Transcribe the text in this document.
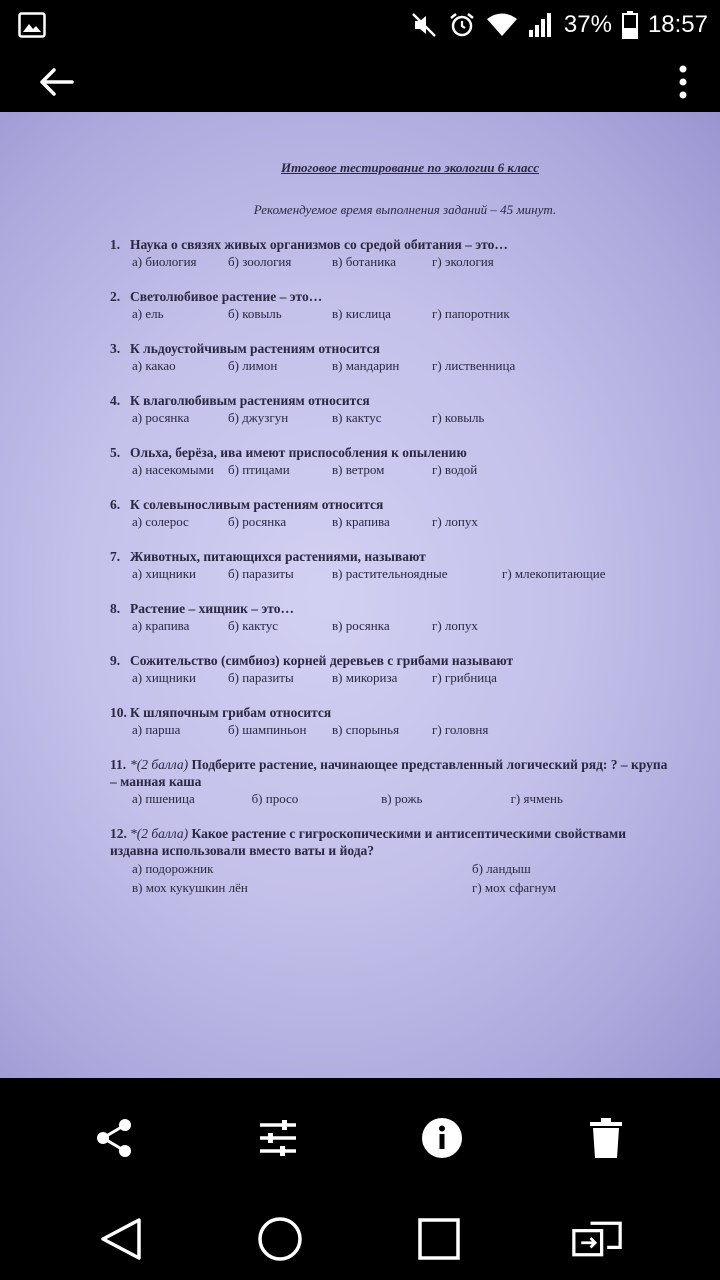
37% 18:57
Итоговое тестирование по экологии 6 класс
Рекомендуемое время выполнения заданий – 45 минут.
1. Наука о связях живых организмов со средой обитания – это…
а) биология	б) зоология	в) ботаника	г) экология
2. Светолюбивое растение – это…
а) ель	б) ковыль	в) кислица	г) папоротник
3. К льдоустойчивым растениям относится
а) какао	б) лимон	в) мандарин	г) лиственница
4. К влаголюбивым растениям относится
а) росянка	б) джузгун	в) кактус	г) ковыль
5. Ольха, берёза, ива имеют приспособления к опылению
а) насекомыми	б) птицами	в) ветром	г) водой
6. К солевыносливым растениям относится
а) солерос	б) росянка	в) крапива	г) лопух
7. Животных, питающихся растениями, называют
а) хищники	б) паразиты	в) растительноядные	г) млекопитающие
8. Растение – хищник – это…
а) крапива	б) кактус	в) росянка	г) лопух
9. Сожительство (симбиоз) корней деревьев с грибами называют
а) хищники	б) паразиты	в) микориза	г) грибница
10. К шляпочным грибам относится
а) парша	б) шампиньон	в) спорынья	г) головня
11. *(2 балла) Подберите растение, начинающее представленный логический ряд: ? – крупа – манная каша
а) пшеница	б) просо	в) рожь	г) ячмень
12. *(2 балла) Какое растение с гигроскопическими и антисептическими свойствами издавна использовали вместо ваты и йода?
а) подорожник	б) ландыш
в) мох кукушкин лён	г) мох сфагнум
